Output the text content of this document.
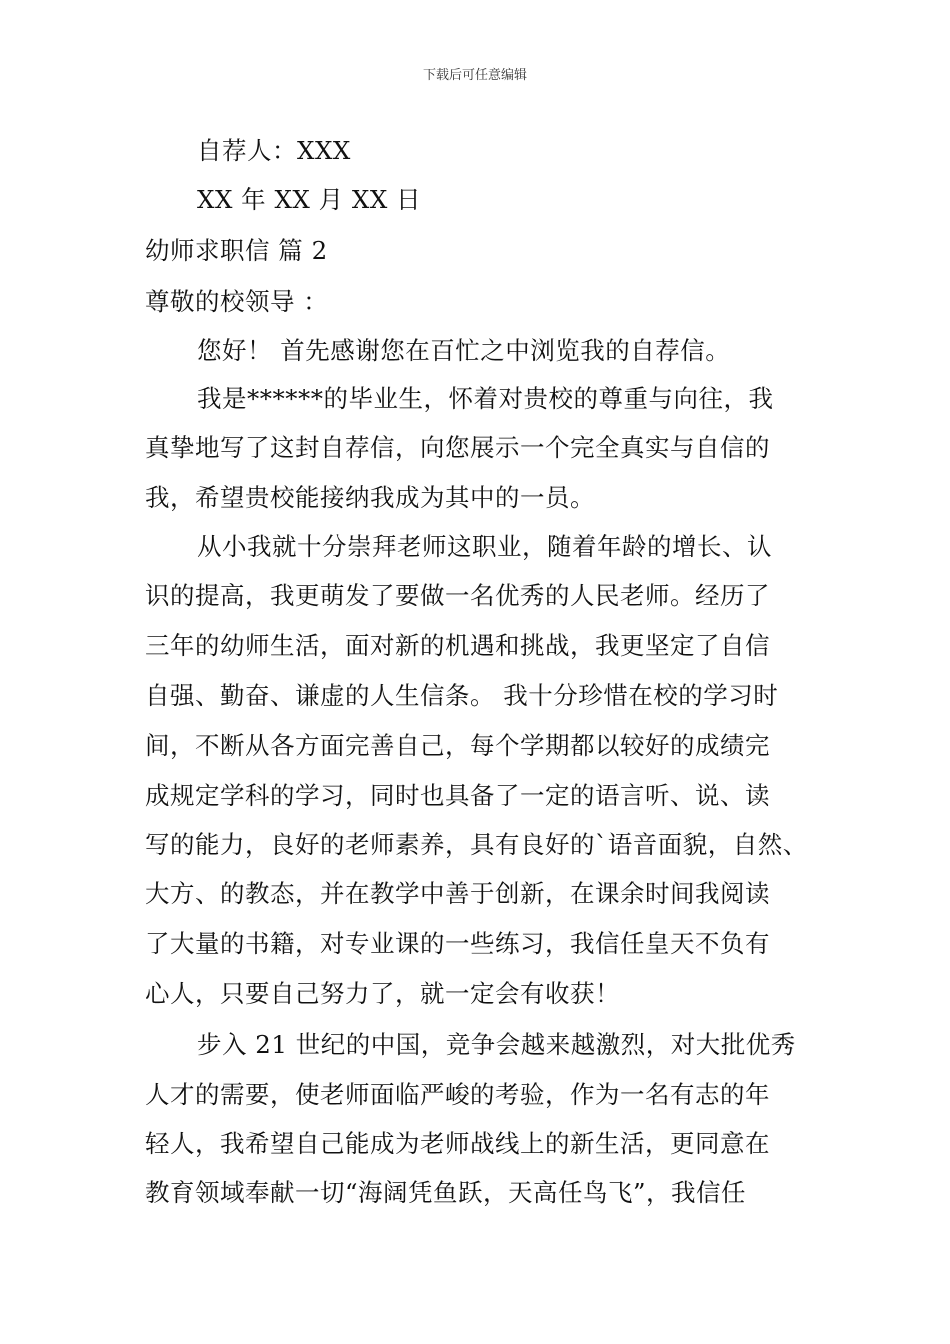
下载后可任意编辑
自荐人：XXX
XX 年 XX 月 XX 日
幼师求职信 篇 2
尊敬的校领导 ：
您好！ 首先感谢您在百忙之中浏览我的自荐信。
我是******的毕业生，怀着对贵校的尊重与向往，我
真挚地写了这封自荐信，向您展示一个完全真实与自信的
我，希望贵校能接纳我成为其中的一员。
从小我就十分崇拜老师这职业，随着年龄的增长、认
识的提高，我更萌发了要做一名优秀的人民老师。经历了
三年的幼师生活，面对新的机遇和挑战，我更坚定了自信
自强、勤奋、谦虚的人生信条。 我十分珍惜在校的学习时
间，不断从各方面完善自己，每个学期都以较好的成绩完
成规定学科的学习，同时也具备了一定的语言听、说、读
写的能力，良好的老师素养，具有良好的`语音面貌，自然、
大方、的教态，并在教学中善于创新，在课余时间我阅读
了大量的书籍，对专业课的一些练习，我信任皇天不负有
心人，只要自己努力了，就一定会有收获！
步入 21 世纪的中国，竞争会越来越激烈，对大批优秀
人才的需要，使老师面临严峻的考验，作为一名有志的年
轻人，我希望自己能成为老师战线上的新生活，更同意在
教育领域奉献一切“海阔凭鱼跃，天高任鸟飞”，我信任
